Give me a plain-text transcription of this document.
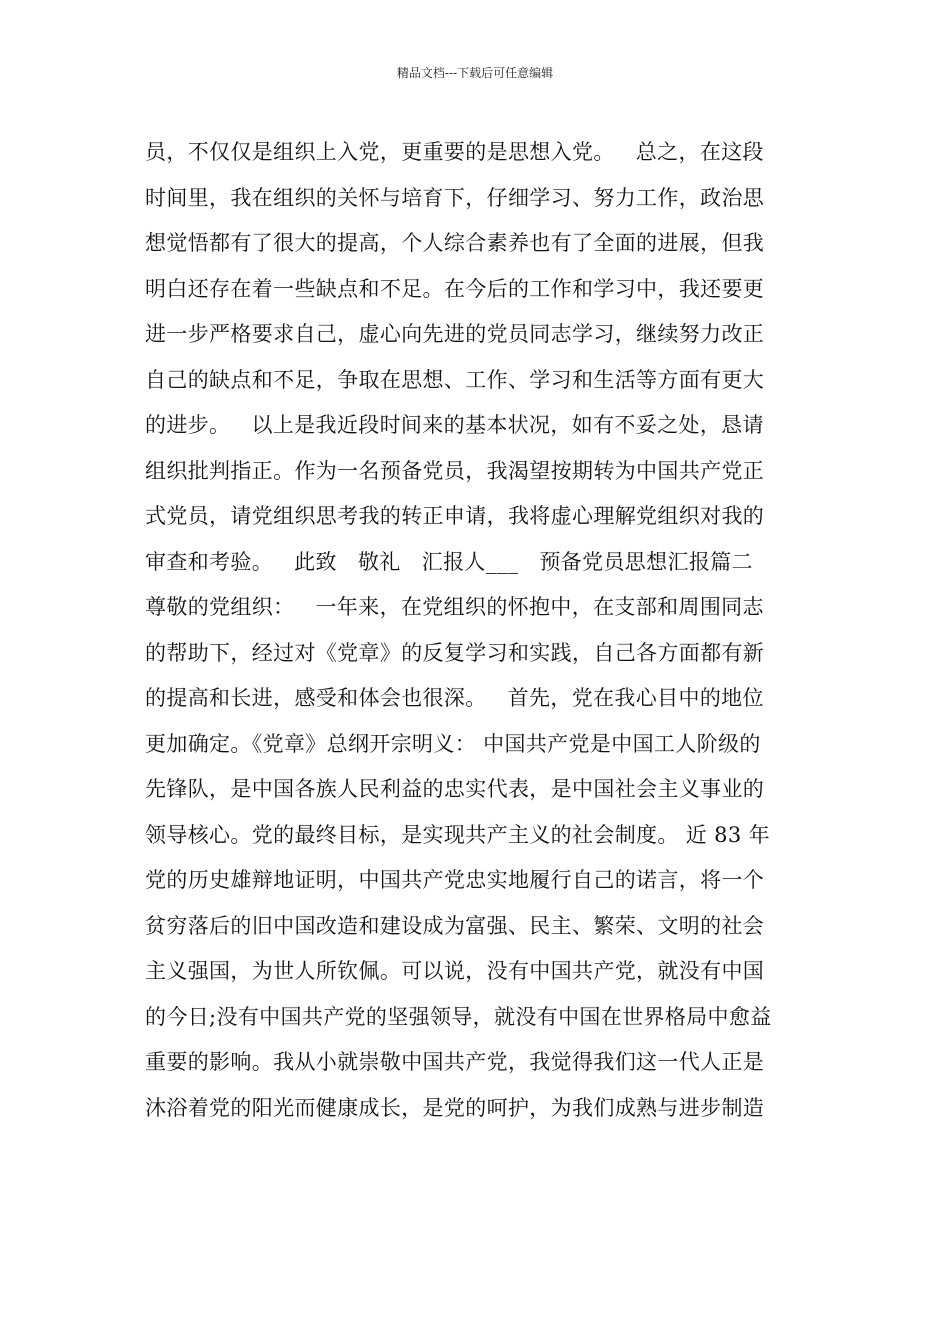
精品文档---下载后可任意编辑
员，不仅仅是组织上入党，更重要的是思想入党。   总之，在这段
时间里，我在组织的关怀与培育下，仔细学习、努力工作，政治思
想觉悟都有了很大的提高，个人综合素养也有了全面的进展，但我
明白还存在着一些缺点和不足。在今后的工作和学习中，我还要更
进一步严格要求自己，虚心向先进的党员同志学习，继续努力改正
自己的缺点和不足，争取在思想、工作、学习和生活等方面有更大
的进步。   以上是我近段时间来的基本状况，如有不妥之处，恳请
组织批判指正。作为一名预备党员，我渴望按期转为中国共产党正
式党员，请党组织思考我的转正申请，我将虚心理解党组织对我的
审查和考验。   此致   敬礼   汇报人___   预备党员思想汇报篇二
尊敬的党组织：   一年来，在党组织的怀抱中，在支部和周围同志
的帮助下，经过对《党章》的反复学习和实践，自己各方面都有新
的提高和长进，感受和体会也很深。   首先，党在我心目中的地位
更加确定。《党章》总纲开宗明义： 中国共产党是中国工人阶级的
先锋队，是中国各族人民利益的忠实代表，是中国社会主义事业的
领导核心。党的最终目标，是实现共产主义的社会制度。 近 83 年
党的历史雄辩地证明，中国共产党忠实地履行自己的诺言，将一个
贫穷落后的旧中国改造和建设成为富强、民主、繁荣、文明的社会
主义强国，为世人所钦佩。可以说，没有中国共产党，就没有中国
的今日;没有中国共产党的坚强领导，就没有中国在世界格局中愈益
重要的影响。我从小就崇敬中国共产党，我觉得我们这一代人正是
沐浴着党的阳光而健康成长，是党的呵护，为我们成熟与进步制造
